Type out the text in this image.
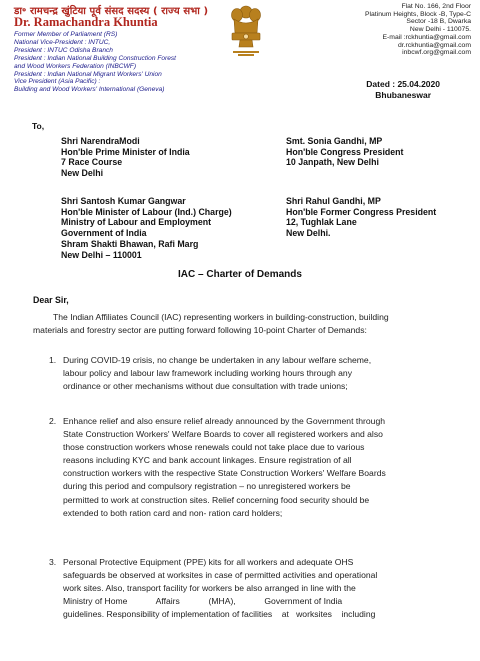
डा॰ रामचन्द्र खुंटिया पूर्व संसद सदस्य ( राज्य सभा )
Dr. Ramachandra Khuntia
Former Member of Parliament (RS)
National Vice-President : INTUC,
President : INTUC Odisha Branch
President : Indian National Building Construction Forest
and Wood Workers Federation (INBCWF)
President : Indian National Migrant Workers' Union
Vice President (Asia Pacific) :
Building and Wood Workers' International (Geneva)
Flat No. 166, 2nd Floor
Platinum Heights, Block -B, Type-C
Sector -18 B, Dwarka
New Delhi - 110075.
E-mail :rckhuntia@gmail.com
dr.rckhuntia@gmail.com
inbcwf.org@gmail.com
Dated : 25.04.2020
Bhubaneswar
To,
Shri NarendraModi
Hon'ble Prime Minister of India
7 Race Course
New Delhi
Smt. Sonia Gandhi, MP
Hon'ble Congress President
10 Janpath, New Delhi
Shri Santosh Kumar Gangwar
Hon'ble Minister of Labour (Ind.) Charge)
Ministry of Labour and Employment
Government of India
Shram Shakti Bhawan, Rafi Marg
New Delhi – 110001
Shri Rahul Gandhi, MP
Hon'ble Former Congress President
12, Tughlak Lane
New Delhi.
IAC – Charter of Demands
Dear Sir,
The Indian Affiliates Council (IAC) representing workers in building-construction, building
materials and forestry sector are putting forward following 10-point Charter of Demands:
1. During COVID-19 crisis, no change be undertaken in any labour welfare scheme,
labour policy and labour law framework including working hours through any
ordinance or other mechanisms without due consultation with trade unions;
2. Enhance relief and also ensure relief already announced by the Government through
State Construction Workers' Welfare Boards to cover all registered workers and also
those construction workers whose renewals could not take place due to various
reasons including KYC and bank account linkages. Ensure registration of all
construction workers with the respective State Construction Workers' Welfare Boards
during this period and compulsory registration – no unregistered workers be
permitted to work at construction sites. Relief concerning food security should be
extended to both ration card and non- ration card holders;
3. Personal Protective Equipment (PPE) kits for all workers and adequate OHS
safeguards be observed at worksites in case of permitted activities and operational
work sites. Also, transport facility for workers be also arranged in line with the
Ministry of Home            Affairs            (MHA),            Government of India
guidelines. Responsibility of implementation of facilities    at   worksites    including
